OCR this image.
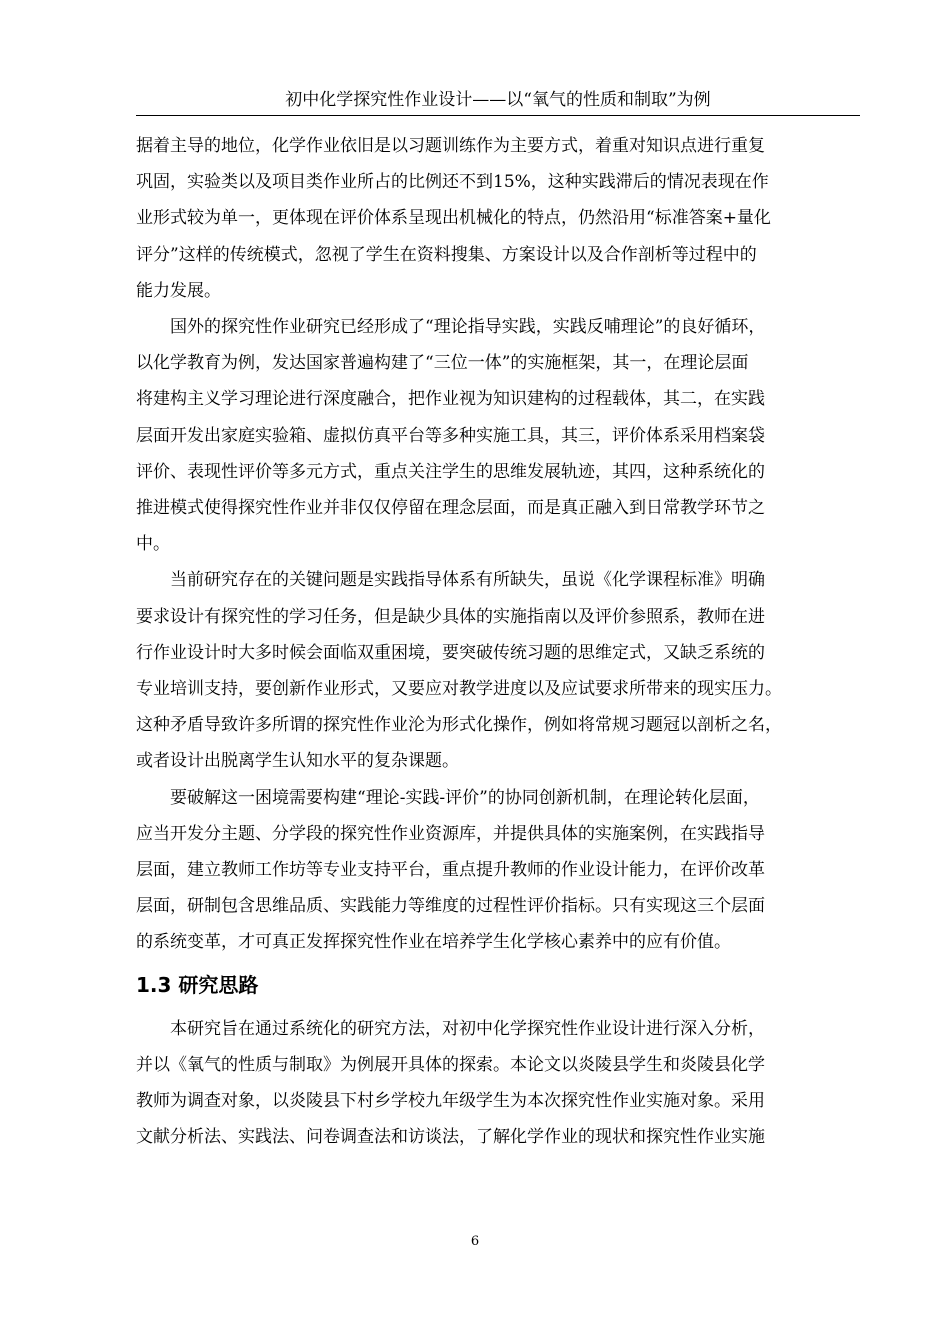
初中化学探究性作业设计——以“氧气的性质和制取”为例

据着主导的地位，化学作业依旧是以习题训练作为主要方式，着重对知识点进行重复
巩固，实验类以及项目类作业所占的比例还不到15%，这种实践滞后的情况表现在作
业形式较为单一，更体现在评价体系呈现出机械化的特点，仍然沿用“标准答案+量化
评分”这样的传统模式，忽视了学生在资料搜集、方案设计以及合作剖析等过程中的
能力发展。

国外的探究性作业研究已经形成了“理论指导实践，实践反哺理论”的良好循环，
以化学教育为例，发达国家普遍构建了“三位一体”的实施框架，其一，在理论层面
将建构主义学习理论进行深度融合，把作业视为知识建构的过程载体，其二，在实践
层面开发出家庭实验箱、虚拟仿真平台等多种实施工具，其三，评价体系采用档案袋
评价、表现性评价等多元方式，重点关注学生的思维发展轨迹，其四，这种系统化的
推进模式使得探究性作业并非仅仅停留在理念层面，而是真正融入到日常教学环节之
中。

当前研究存在的关键问题是实践指导体系有所缺失，虽说《化学课程标准》明确
要求设计有探究性的学习任务，但是缺少具体的实施指南以及评价参照系，教师在进
行作业设计时大多时候会面临双重困境，要突破传统习题的思维定式，又缺乏系统的
专业培训支持，要创新作业形式，又要应对教学进度以及应试要求所带来的现实压力。
这种矛盾导致许多所谓的探究性作业沦为形式化操作，例如将常规习题冠以剖析之名，
或者设计出脱离学生认知水平的复杂课题。

要破解这一困境需要构建“理论-实践-评价”的协同创新机制，在理论转化层面，
应当开发分主题、分学段的探究性作业资源库，并提供具体的实施案例，在实践指导
层面，建立教师工作坊等专业支持平台，重点提升教师的作业设计能力，在评价改革
层面，研制包含思维品质、实践能力等维度的过程性评价指标。只有实现这三个层面
的系统变革，才可真正发挥探究性作业在培养学生化学核心素养中的应有价值。

1.3 研究思路

本研究旨在通过系统化的研究方法，对初中化学探究性作业设计进行深入分析，
并以《氧气的性质与制取》为例展开具体的探索。本论文以炎陵县学生和炎陵县化学
教师为调查对象，以炎陵县下村乡学校九年级学生为本次探究性作业实施对象。采用
文献分析法、实践法、问卷调查法和访谈法，了解化学作业的现状和探究性作业实施

6
